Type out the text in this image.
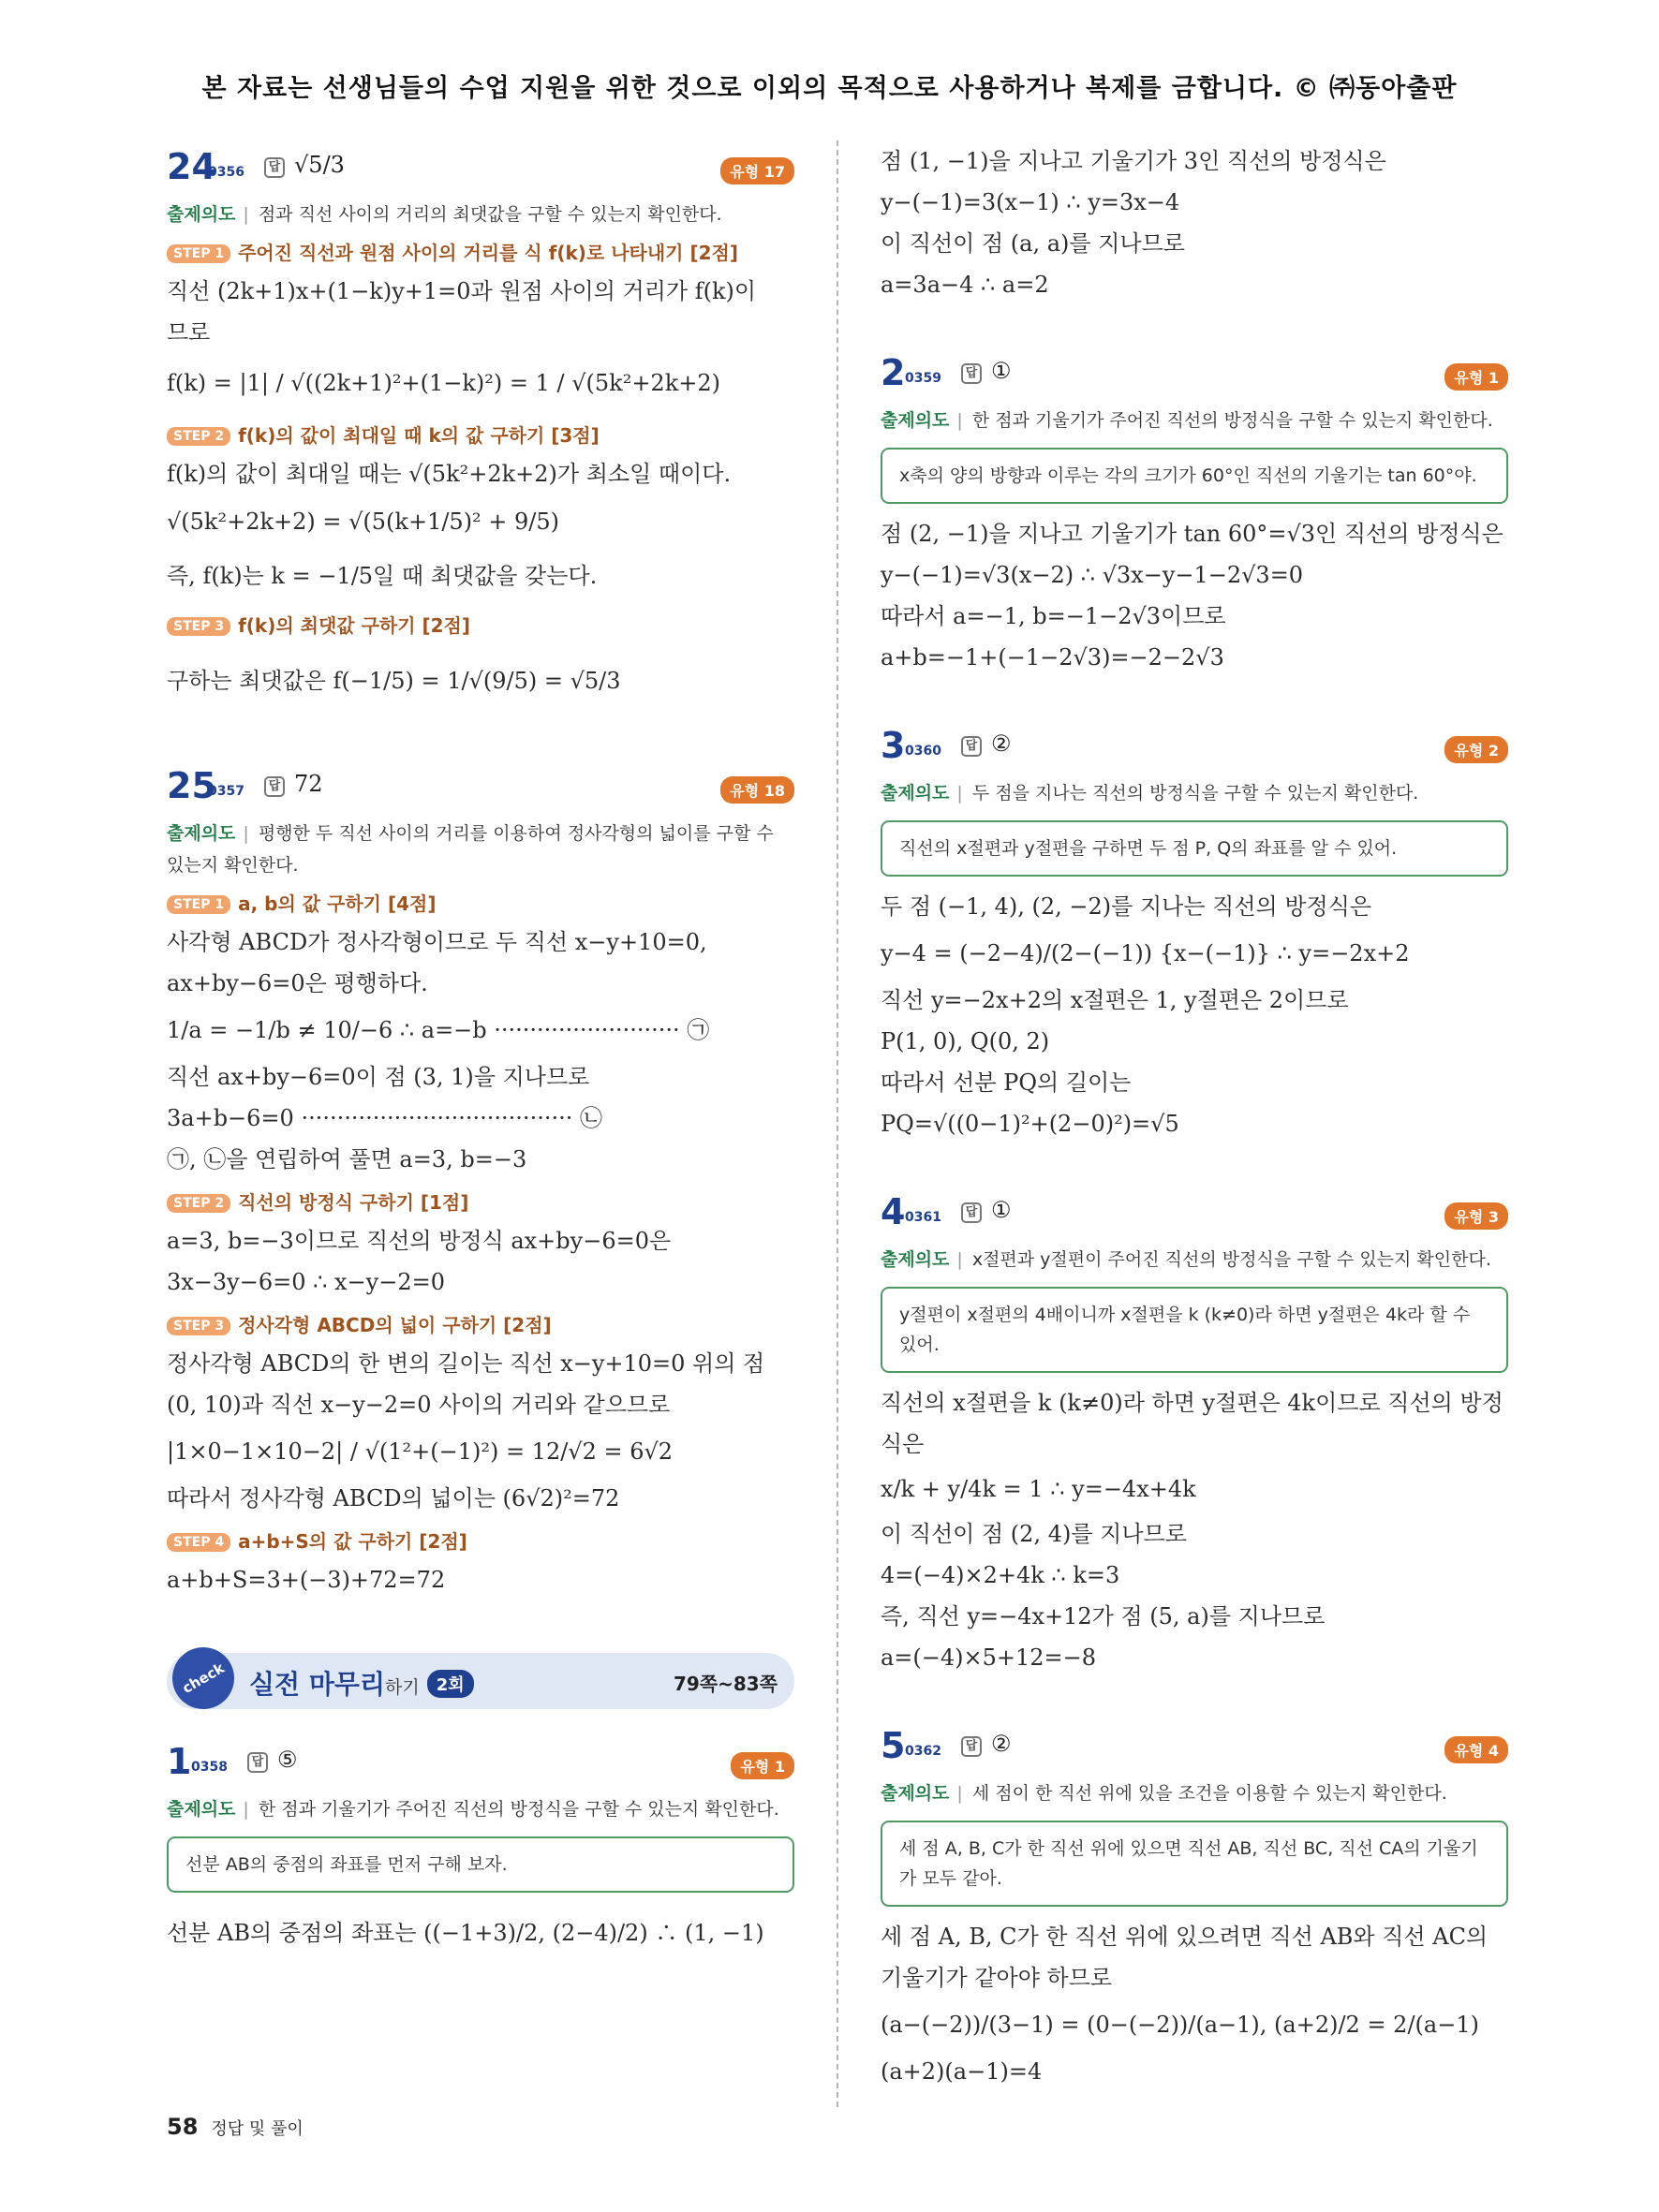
본 자료는 선생님들의 수업 지원을 위한 것으로 이외의 목적으로 사용하거나 복제를 금합니다. © ㈜동아출판
24
0356	답 √5/3	유형 17
출제의도 | 점과 직선 사이의 거리의 최댓값을 구할 수 있는지 확인한다.
STEP 1 주어진 직선과 원점 사이의 거리를 식 f(k)로 나타내기 [2점]
직선 (2k+1)x+(1−k)y+1=0과 원점 사이의 거리가 f(k)이
므로
f(k) = |1| / √((2k+1)²+(1−k)²) = 1 / √(5k²+2k+2)
STEP 2 f(k)의 값이 최대일 때 k의 값 구하기 [3점]
f(k)의 값이 최대일 때는 √(5k²+2k+2)가 최소일 때이다.
√(5k²+2k+2) = √(5(k+1/5)² + 9/5)
즉, f(k)는 k = −1/5일 때 최댓값을 갖는다.
STEP 3 f(k)의 최댓값 구하기 [2점]
구하는 최댓값은 f(−1/5) = 1/√(9/5) = √5/3
25
0357	답 72	유형 18
출제의도 | 평행한 두 직선 사이의 거리를 이용하여 정사각형의 넓이를 구할 수 있는지 확인한다.
STEP 1 a, b의 값 구하기 [4점]
사각형 ABCD가 정사각형이므로 두 직선 x−y+10=0,
ax+by−6=0은 평행하다.
1/a = −1/b ≠ 10/−6 ∴ a=−b ·························· ㉠
직선 ax+by−6=0이 점 (3, 1)을 지나므로
3a+b−6=0 ······································ ㉡
㉠, ㉡을 연립하여 풀면 a=3, b=−3
STEP 2 직선의 방정식 구하기 [1점]
a=3, b=−3이므로 직선의 방정식 ax+by−6=0은
3x−3y−6=0 ∴ x−y−2=0
STEP 3 정사각형 ABCD의 넓이 구하기 [2점]
정사각형 ABCD의 한 변의 길이는 직선 x−y+10=0 위의 점
(0, 10)과 직선 x−y−2=0 사이의 거리와 같으므로
|1×0−1×10−2| / √(1²+(−1)²) = 12/√2 = 6√2
따라서 정사각형 ABCD의 넓이는 (6√2)²=72
STEP 4 a+b+S의 값 구하기 [2점]
a+b+S=3+(−3)+72=72
check 실전 마무리하기 2회	79쪽~83쪽
1 0358	답 ⑤	유형 1
출제의도 | 한 점과 기울기가 주어진 직선의 방정식을 구할 수 있는지 확인한다.
선분 AB의 중점의 좌표를 먼저 구해 보자.
선분 AB의 중점의 좌표는 ((−1+3)/2, (2−4)/2) ∴ (1, −1)
점 (1, −1)을 지나고 기울기가 3인 직선의 방정식은
y−(−1)=3(x−1) ∴ y=3x−4
이 직선이 점 (a, a)를 지나므로
a=3a−4 ∴ a=2
2 0359	답 ①	유형 1
출제의도 | 한 점과 기울기가 주어진 직선의 방정식을 구할 수 있는지 확인한다.
x축의 양의 방향과 이루는 각의 크기가 60°인 직선의 기울기는 tan 60°야.
점 (2, −1)을 지나고 기울기가 tan 60°=√3인 직선의 방정식은
y−(−1)=√3(x−2) ∴ √3x−y−1−2√3=0
따라서 a=−1, b=−1−2√3이므로
a+b=−1+(−1−2√3)=−2−2√3
3 0360	답 ②	유형 2
출제의도 | 두 점을 지나는 직선의 방정식을 구할 수 있는지 확인한다.
직선의 x절편과 y절편을 구하면 두 점 P, Q의 좌표를 알 수 있어.
두 점 (−1, 4), (2, −2)를 지나는 직선의 방정식은
y−4 = (−2−4)/(2−(−1)) {x−(−1)} ∴ y=−2x+2
직선 y=−2x+2의 x절편은 1, y절편은 2이므로
P(1, 0), Q(0, 2)
따라서 선분 PQ의 길이는
PQ=√((0−1)²+(2−0)²)=√5
4 0361	답 ①	유형 3
출제의도 | x절편과 y절편이 주어진 직선의 방정식을 구할 수 있는지 확인한다.
y절편이 x절편의 4배이니까 x절편을 k (k≠0)라 하면 y절편은 4k라 할 수 있어.
직선의 x절편을 k (k≠0)라 하면 y절편은 4k이므로 직선의 방정
식은
x/k + y/4k = 1 ∴ y=−4x+4k
이 직선이 점 (2, 4)를 지나므로
4=(−4)×2+4k ∴ k=3
즉, 직선 y=−4x+12가 점 (5, a)를 지나므로
a=(−4)×5+12=−8
5 0362	답 ②	유형 4
출제의도 | 세 점이 한 직선 위에 있을 조건을 이용할 수 있는지 확인한다.
세 점 A, B, C가 한 직선 위에 있으면 직선 AB, 직선 BC, 직선 CA의 기울기가 모두 같아.
세 점 A, B, C가 한 직선 위에 있으려면 직선 AB와 직선 AC의
기울기가 같아야 하므로
(a−(−2))/(3−1) = (0−(−2))/(a−1), (a+2)/2 = 2/(a−1)
(a+2)(a−1)=4
58 정답 및 풀이
